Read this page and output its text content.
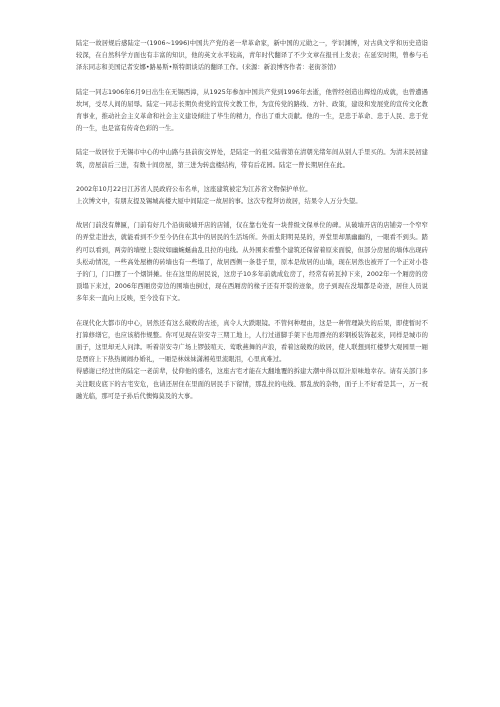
陆定一故居规后感陆定一(1906~1996)中国共产党的老一辈革命家，新中国的元勋之一，学识渊博，对古典文学和历史造诣较深，在自然科学方面也有丰富的知识，他的英文水平较高，青年时代翻译了不少文章在报刊上发表；在延安时期，曾参与毛泽东同志和美国记者安娜•路易斯•斯特朗谈话的翻译工作。(来源：新浪博客作者：老街茶馆)

陆定一同志1906年6月9日出生在无锡西漳，从1925年参加中国共产党到1996年去逝，他曾经创造出辉煌的成就，也曾遭遇坎坷，受尽人间的屈辱。陆定一同志长期负责党的宣传文教工作，为宣传党的路线、方针、政策，建设和发展党的宣传文化教育事业，推动社会主义革命和社会主义建设倾注了毕生的精力，作出了重大贡献。他的一生，是忠于革命、忠于人民、忠于党的一生，也是富有传奇色彩的一生。

陆定一故居位于无锡市中心的中山路与县前街交界处，是陆定一的祖父陆蓉第在清朝光绪年间从别人手里买的。为清末民初建筑，房屋前后三进，有数十间房屋，第三进为转盘楼结构，带有后花园。陆定一曾长期居住在此。

2002年10月22日江苏省人民政府公布名单，这座建筑被定为江苏省文物保护单位。

上次博文中，有朋友提及锡城高楼大厦中间陆定一故居的事。这次专程拜访故居，结果令人万分失望。

故居门前没有牌匾，门前有好几个沿街破墙开店的店铺，仅在靠右处有一块普级文保单位的碑。从破墙开店的店铺旁一个窄窄的弄堂走进去，就能看到不少至今仍住在其中的居民的生活场所。外面太阳明晃晃的，弄堂里却黑幽幽的，一眼看不到头。踏约可以看到，两旁的墙壁上裂纹如幽蜿蜒曲乱且拉的电线。从外围来看整个建筑还保留着原来面貌，但部分房屋的墙体出现砖头松动情况，一些高处屋檐的砖墙也有一些塌了，故居西侧一条巷子里，原本是故居的山墙，现在居然也被开了一个正对小巷子的门，门口摆了一个烟饼摊。住在这里的居民说，这房子10多年前就成危房了，经常有砖瓦掉下来，2002年一个厢房的房顶塌下来过，2006年西厢房旁边的围墙也倒过，现在西厢房的椽子还有开裂的迹象，房子到现在没塌都是奇迹，居住人员说多年来一直向上反映，至今没有下文。

在现代化大都市的中心，居然还有这么破败的古迹，真令人大跌眼镜。不管何种理由，这是一种管理缺失的后果，即使暂时不打算修缮它，也应该稍作规整。你可见现在崇安寺三期工地上，人行过道脚手架下也用漂亮的彩钢板装饰起来，同样是城市的面子，这里却无人问津。听着崇安寺广场上锣鼓喧天、莺歌燕舞的声浪，看着这破败的故居，使人联想到红楼梦大观园里一厢是贾府上下热热闹闹办婚礼，一厢是林妹妹潇湘苑里流眼泪，心里真难过。

得感谢已经过世的陆定一老前辈，仗仰他的盛名，这座古宅才能在大翻地覆的拆建大潮中得以原汁原味地幸存。请有关部门多关注眼皮底下的古宅安危，也请还居住在里面的居民手下留情，那乱拉的电线、那乱放的杂物，面子上不好看是其一，万一祝融光临，那可是子孙后代懊悔莫及的大事。
